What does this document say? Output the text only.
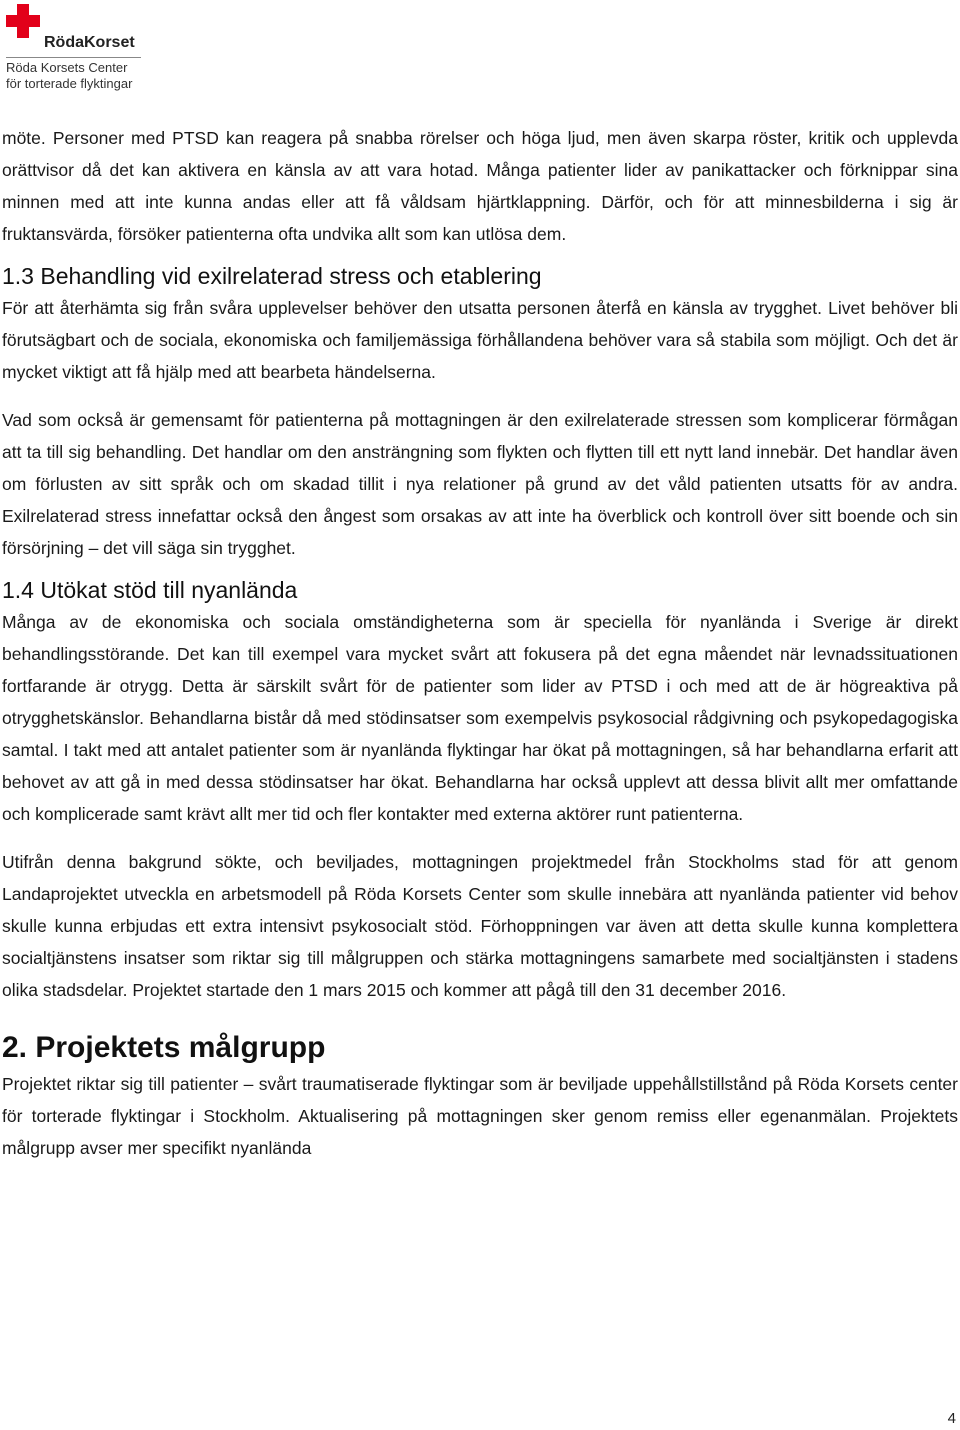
RödaKorset
Röda Korsets Center
för torterade flyktingar

möte. Personer med PTSD kan reagera på snabba rörelser och höga ljud, men även skarpa röster, kritik och upplevda orättvisor då det kan aktivera en känsla av att vara hotad. Många patienter lider av panikattacker och förknippar sina minnen med att inte kunna andas eller att få våldsam hjärtklappning. Därför, och för att minnesbilderna i sig är fruktansvärda, försöker patienterna ofta undvika allt som kan utlösa dem.

1.3 Behandling vid exilrelaterad stress och etablering

För att återhämta sig från svåra upplevelser behöver den utsatta personen återfå en känsla av trygghet. Livet behöver bli förutsägbart och de sociala, ekonomiska och familjemässiga förhållandena behöver vara så stabila som möjligt. Och det är mycket viktigt att få hjälp med att bearbeta händelserna.

Vad som också är gemensamt för patienterna på mottagningen är den exilrelaterade stressen som komplicerar förmågan att ta till sig behandling. Det handlar om den ansträngning som flykten och flytten till ett nytt land innebär. Det handlar även om förlusten av sitt språk och om skadad tillit i nya relationer på grund av det våld patienten utsatts för av andra. Exilrelaterad stress innefattar också den ångest som orsakas av att inte ha överblick och kontroll över sitt boende och sin försörjning – det vill säga sin trygghet.

1.4 Utökat stöd till nyanlända

Många av de ekonomiska och sociala omständigheterna som är speciella för nyanlända i Sverige är direkt behandlingsstörande. Det kan till exempel vara mycket svårt att fokusera på det egna måendet när levnadssituationen fortfarande är otrygg. Detta är särskilt svårt för de patienter som lider av PTSD i och med att de är högreaktiva på otrygghetskänslor. Behandlarna bistår då med stödinsatser som exempelvis psykosocial rådgivning och psykopedagogiska samtal. I takt med att antalet patienter som är nyanlända flyktingar har ökat på mottagningen, så har behandlarna erfarit att behovet av att gå in med dessa stödinsatser har ökat. Behandlarna har också upplevt att dessa blivit allt mer omfattande och komplicerade samt krävt allt mer tid och fler kontakter med externa aktörer runt patienterna.

Utifrån denna bakgrund sökte, och beviljades, mottagningen projektmedel från Stockholms stad för att genom Landaprojektet utveckla en arbetsmodell på Röda Korsets Center som skulle innebära att nyanlända patienter vid behov skulle kunna erbjudas ett extra intensivt psykosocialt stöd. Förhoppningen var även att detta skulle kunna komplettera socialtjänstens insatser som riktar sig till målgruppen och stärka mottagningens samarbete med socialtjänsten i stadens olika stadsdelar. Projektet startade den 1 mars 2015 och kommer att pågå till den 31 december 2016.

2. Projektets målgrupp

Projektet riktar sig till patienter – svårt traumatiserade flyktingar som är beviljade uppehållstillstånd på Röda Korsets center för torterade flyktingar i Stockholm. Aktualisering på mottagningen sker genom remiss eller egenanmälan. Projektets målgrupp avser mer specifikt nyanlända

4
